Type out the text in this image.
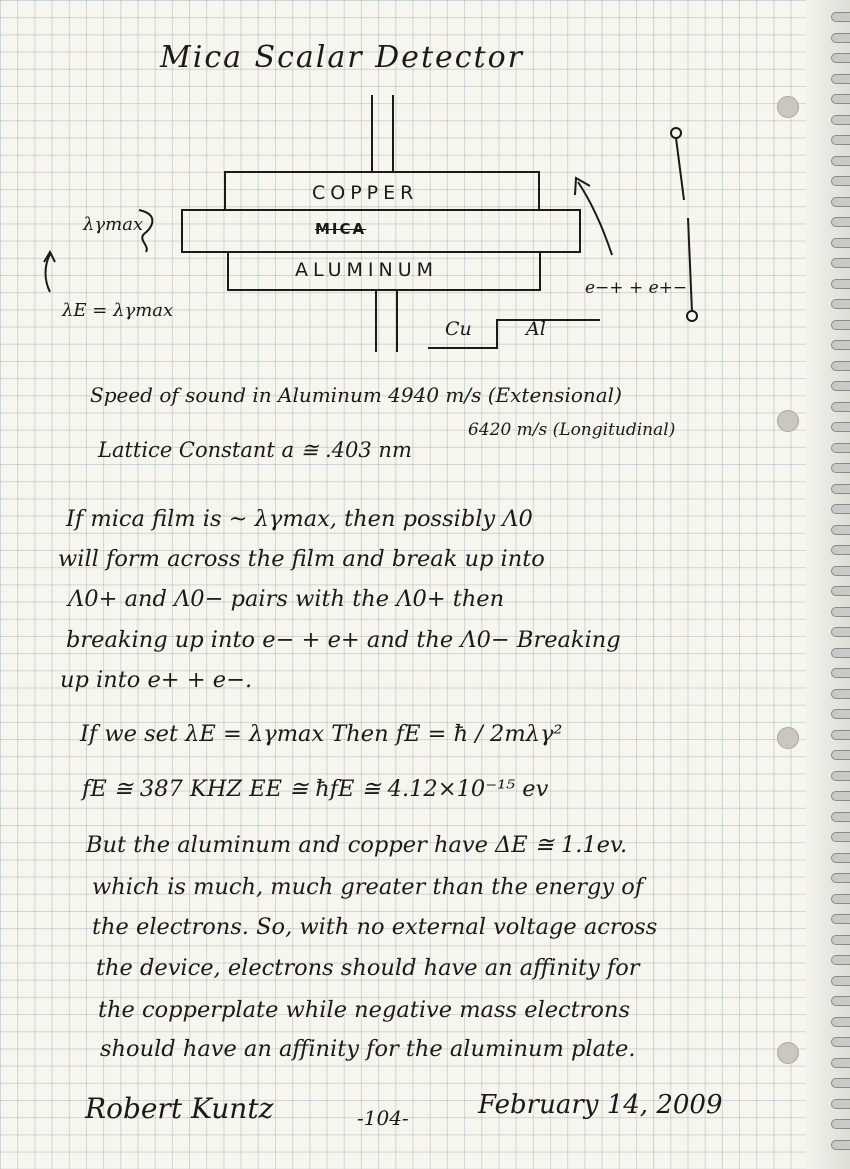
Mica Scalar Detector
COPPER
MICA
ALUMINUM
λγmax
λE = λγmax
Cu	Al
e−+ + e+−
Speed of sound in Aluminum 4940 m/s (Extensional)
Lattice Constant a ≅ .403 nm
6420 m/s (Longitudinal)
If mica film is ~ λγmax, then possibly Λ0
will form across the film and break up into
Λ0+ and Λ0− pairs with the Λ0+ then
breaking up into e− + e+ and the Λ0− Breaking
up into e+ + e−.
If we set λE = λγmax Then fE = ħ / 2mλγ²
fE ≅ 387 KHZ EE ≅ ħfE ≅ 4.12×10⁻¹⁵ ev
But the aluminum and copper have ΔE ≅ 1.1ev.
which is much, much greater than the energy of
the electrons. So, with no external voltage across
the device, electrons should have an affinity for
the copperplate while negative mass electrons
should have an affinity for the aluminum plate.
Robert Kuntz	-104-	February 14, 2009
